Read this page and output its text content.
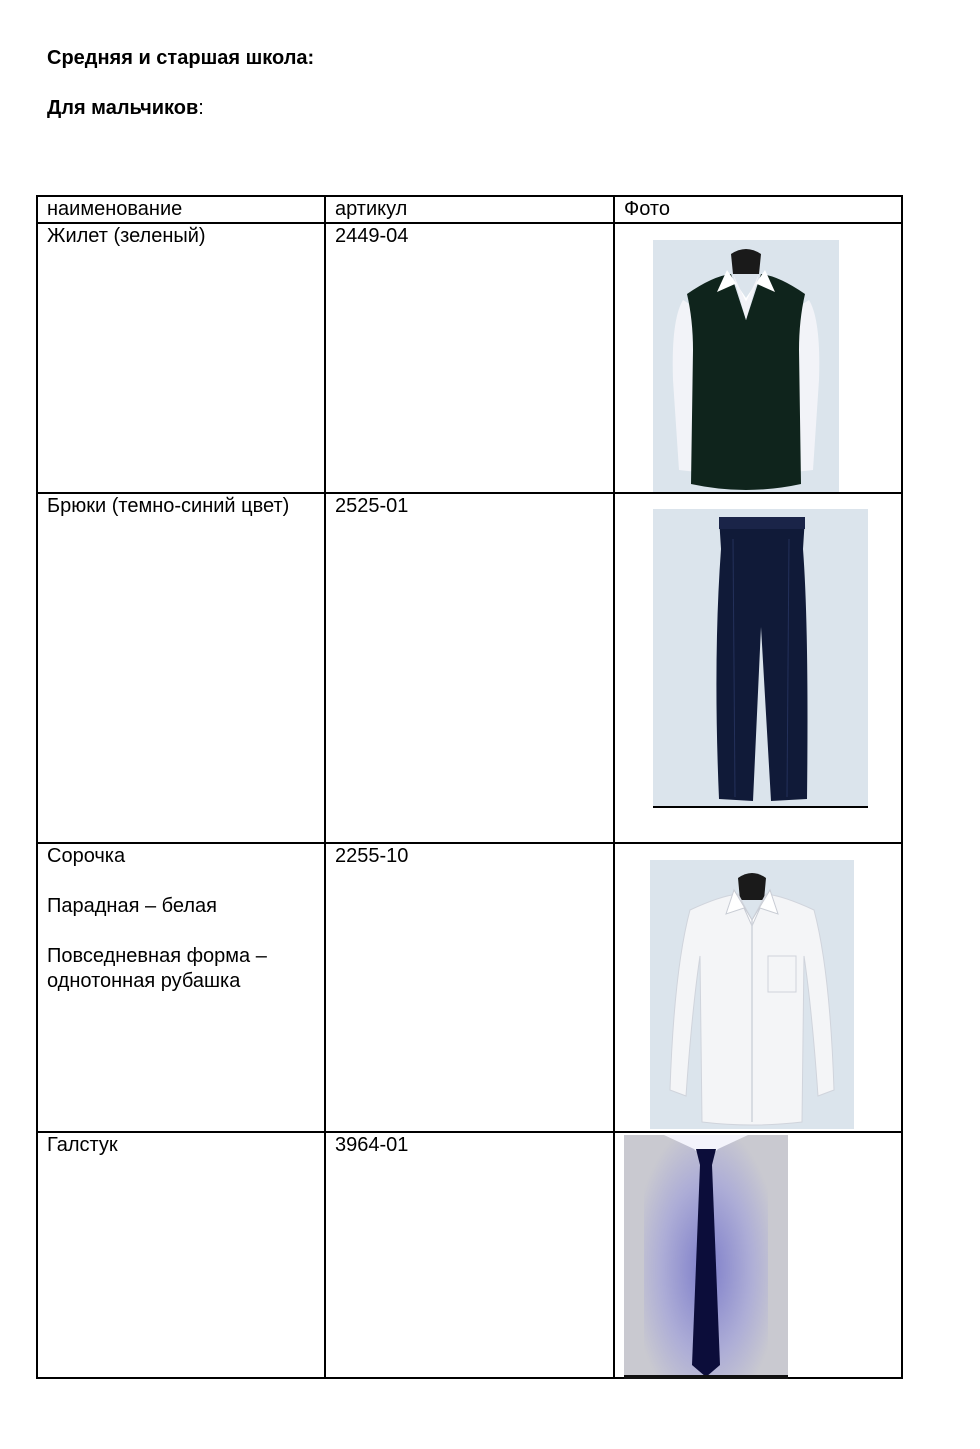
Средняя и старшая школа:

Для мальчиков:

наименование	артикул	Фото
Жилет (зеленый)	2449-04	

Брюки (темно-синий цвет)	2525-01	

Сорочка
Парадная – белая
Повседневная форма – однотонная рубашка	2255-10	

Галстук	3964-01	
